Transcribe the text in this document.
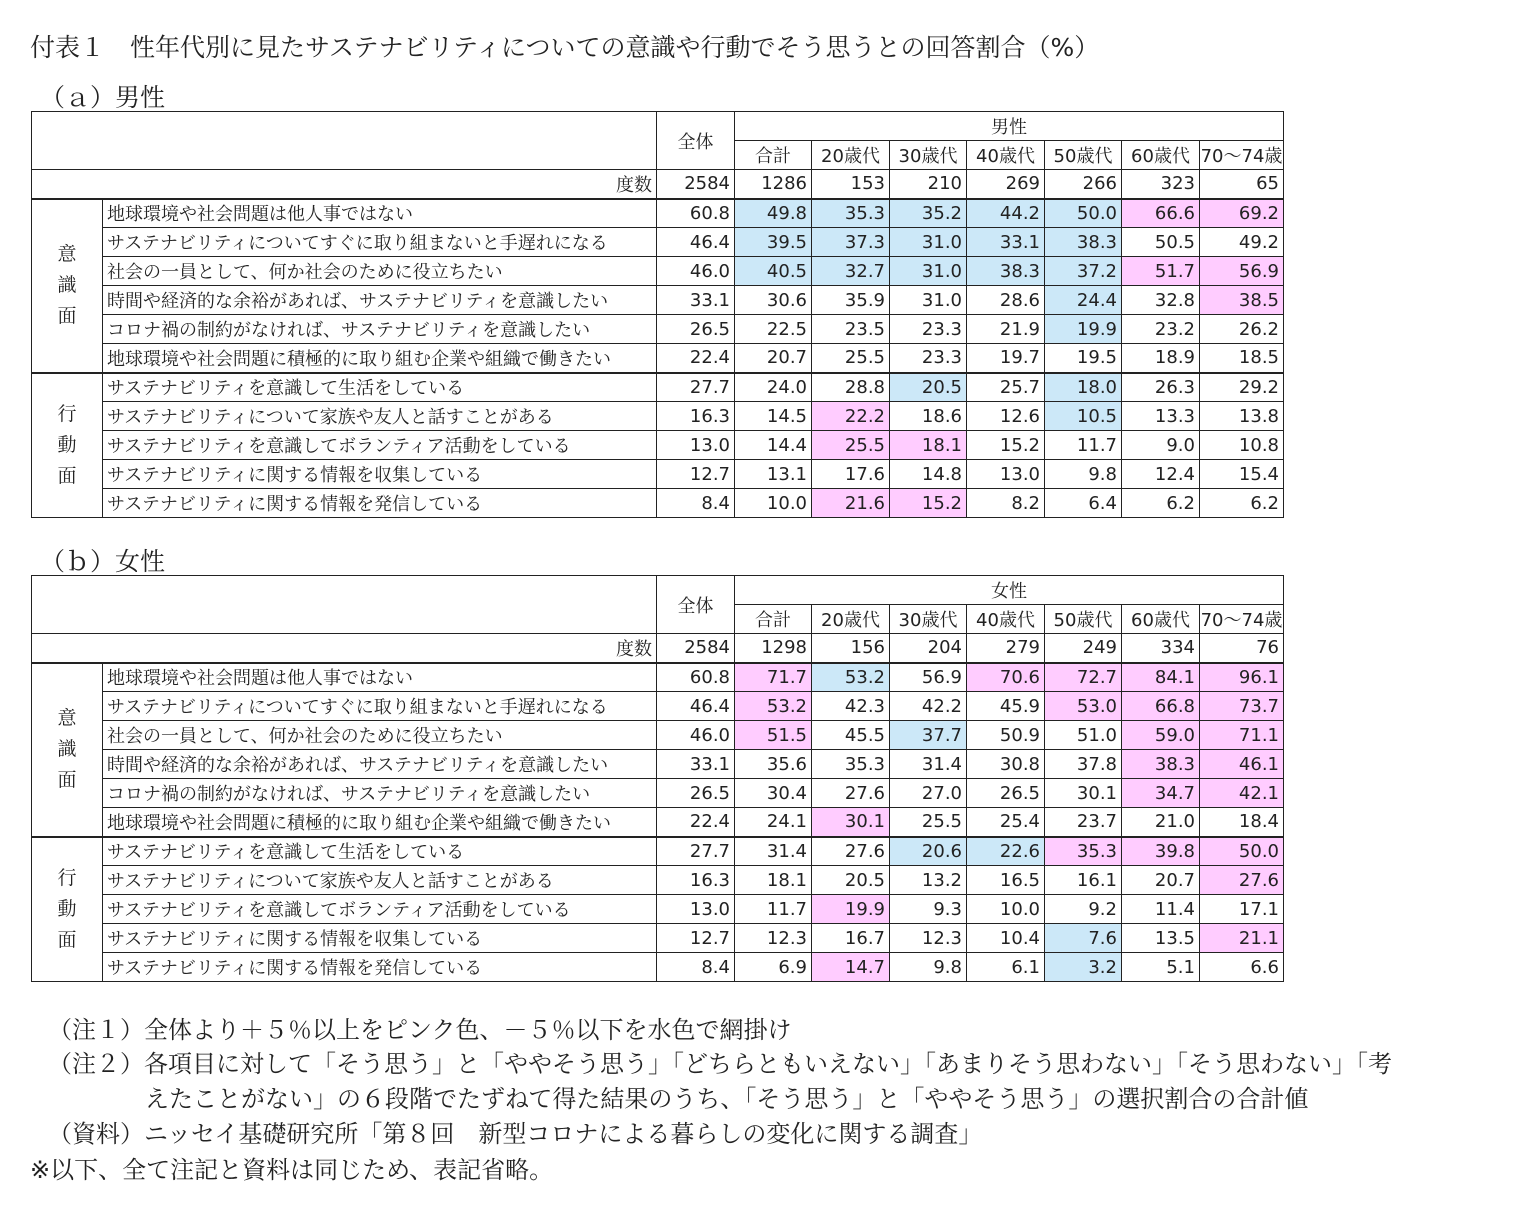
付表１　性年代別に見たサステナビリティについての意識や行動でそう思うとの回答割合（%）
（ａ）男性
		全体	男性						
			合計	20歳代	30歳代	40歳代	50歳代	60歳代	70～74歳
度数		2584	1286	153	210	269	266	323	65

意
識
面	地球環境や社会問題は他人事ではない	60.8	49.8	35.3	35.2	44.2	50.0	66.6	69.2
	サステナビリティについてすぐに取り組まないと手遅れになる	46.4	39.5	37.3	31.0	33.1	38.3	50.5	49.2
	社会の一員として、何か社会のために役立ちたい	46.0	40.5	32.7	31.0	38.3	37.2	51.7	56.9
	時間や経済的な余裕があれば、サステナビリティを意識したい	33.1	30.6	35.9	31.0	28.6	24.4	32.8	38.5
	コロナ禍の制約がなければ、サステナビリティを意識したい	26.5	22.5	23.5	23.3	21.9	19.9	23.2	26.2
	地球環境や社会問題に積極的に取り組む企業や組織で働きたい	22.4	20.7	25.5	23.3	19.7	19.5	18.9	18.5

行
動
面	サステナビリティを意識して生活をしている	27.7	24.0	28.8	20.5	25.7	18.0	26.3	29.2
	サステナビリティについて家族や友人と話すことがある	16.3	14.5	22.2	18.6	12.6	10.5	13.3	13.8
	サステナビリティを意識してボランティア活動をしている	13.0	14.4	25.5	18.1	15.2	11.7	9.0	10.8
	サステナビリティに関する情報を収集している	12.7	13.1	17.6	14.8	13.0	9.8	12.4	15.4
	サステナビリティに関する情報を発信している	8.4	10.0	21.6	15.2	8.2	6.4	6.2	6.2
（ｂ）女性
		全体	女性						
			合計	20歳代	30歳代	40歳代	50歳代	60歳代	70～74歳
度数		2584	1298	156	204	279	249	334	76

意
識
面	地球環境や社会問題は他人事ではない	60.8	71.7	53.2	56.9	70.6	72.7	84.1	96.1
	サステナビリティについてすぐに取り組まないと手遅れになる	46.4	53.2	42.3	42.2	45.9	53.0	66.8	73.7
	社会の一員として、何か社会のために役立ちたい	46.0	51.5	45.5	37.7	50.9	51.0	59.0	71.1
	時間や経済的な余裕があれば、サステナビリティを意識したい	33.1	35.6	35.3	31.4	30.8	37.8	38.3	46.1
	コロナ禍の制約がなければ、サステナビリティを意識したい	26.5	30.4	27.6	27.0	26.5	30.1	34.7	42.1
	地球環境や社会問題に積極的に取り組む企業や組織で働きたい	22.4	24.1	30.1	25.5	25.4	23.7	21.0	18.4

行
動
面	サステナビリティを意識して生活をしている	27.7	31.4	27.6	20.6	22.6	35.3	39.8	50.0
	サステナビリティについて家族や友人と話すことがある	16.3	18.1	20.5	13.2	16.5	16.1	20.7	27.6
	サステナビリティを意識してボランティア活動をしている	13.0	11.7	19.9	9.3	10.0	9.2	11.4	17.1
	サステナビリティに関する情報を収集している	12.7	12.3	16.7	12.3	10.4	7.6	13.5	21.1
	サステナビリティに関する情報を発信している	8.4	6.9	14.7	9.8	6.1	3.2	5.1	6.6
（注１）全体より＋５％以上をピンク色、－５％以下を水色で網掛け
（注２）各項目に対して「そう思う」と「ややそう思う」「どちらともいえない」「あまりそう思わない」「そう思わない」「考
えたことがない」の６段階でたずねて得た結果のうち、「そう思う」と「ややそう思う」の選択割合の合計値
（資料）ニッセイ基礎研究所「第８回　新型コロナによる暮らしの変化に関する調査」
※以下、全て注記と資料は同じため、表記省略。
